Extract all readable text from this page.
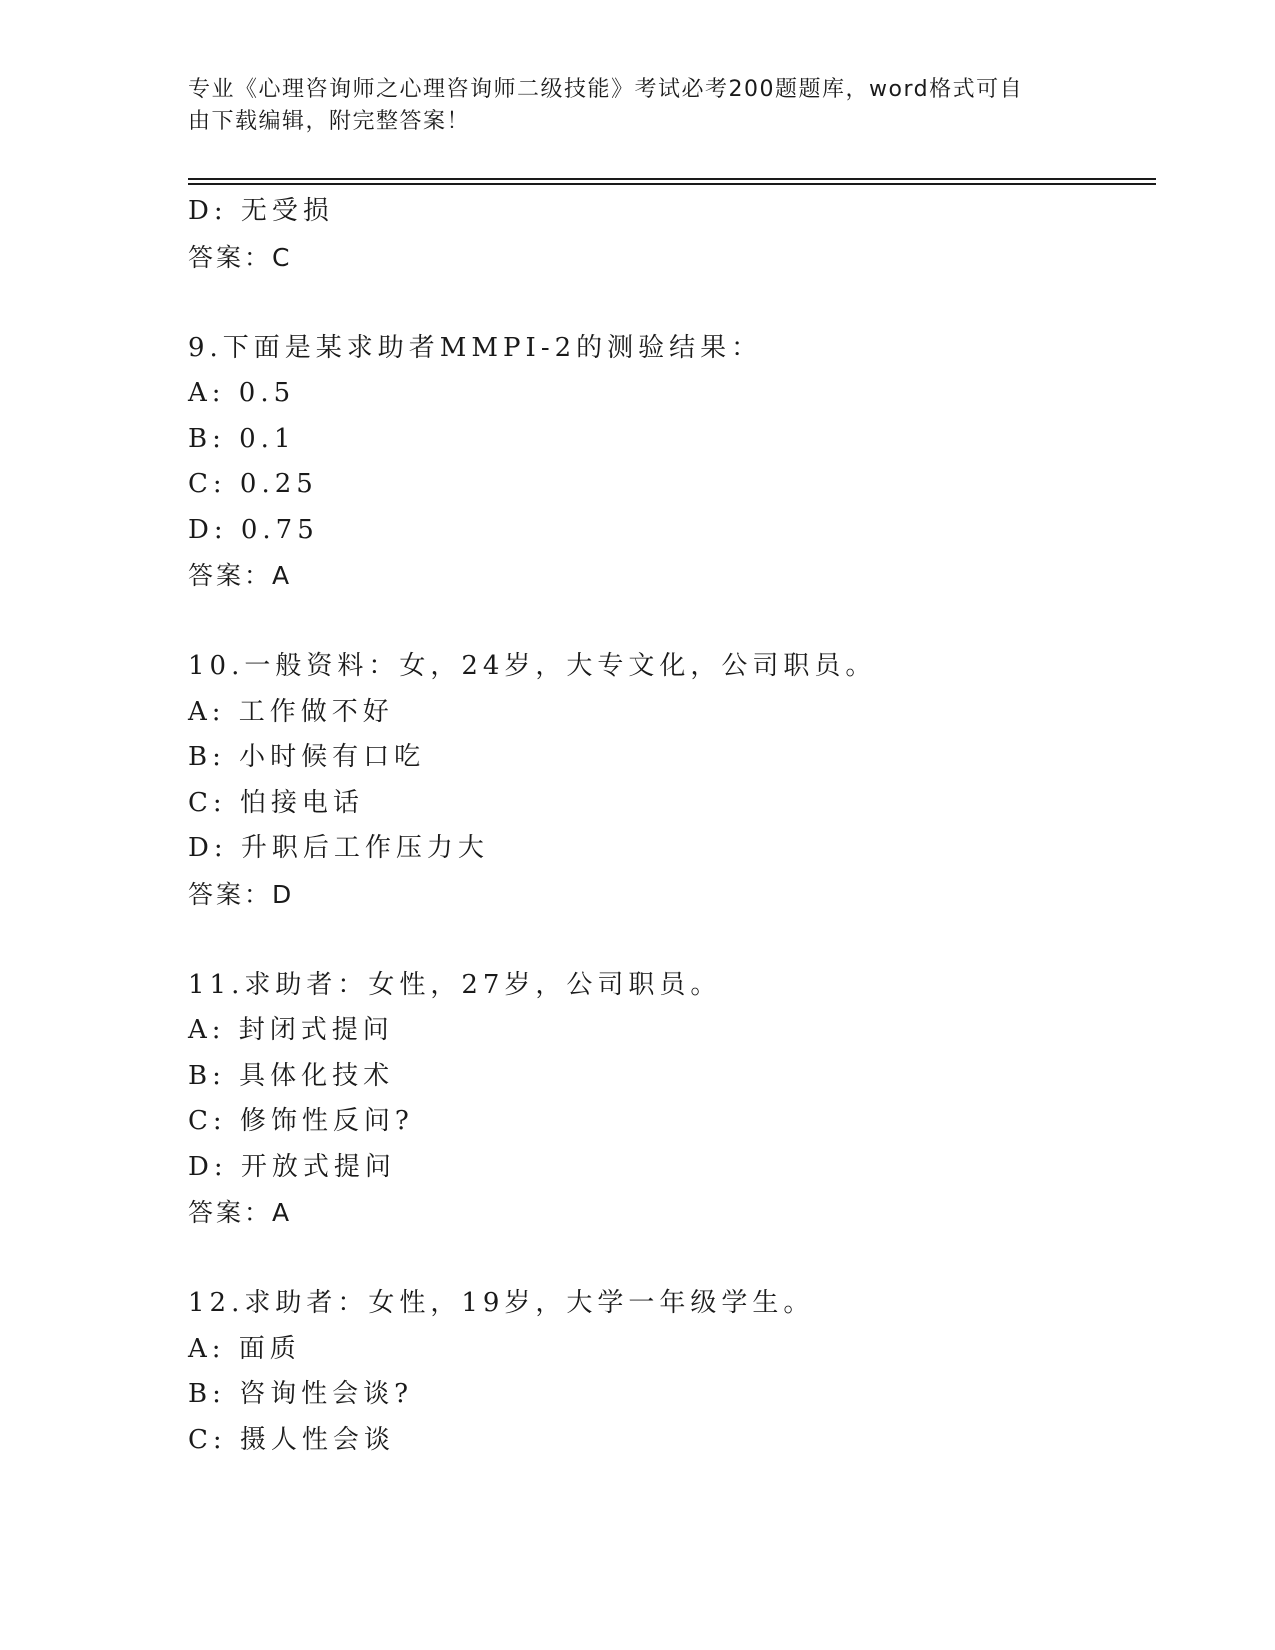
专业《心理咨询师之心理咨询师二级技能》考试必考200题题库，word格式可自
由下载编辑，附完整答案！
D: 无受损
答案：C
9.下面是某求助者MMPI-2的测验结果：
A: 0.5
B: 0.1
C: 0.25
D: 0.75
答案：A
10.一般资料：女，24岁，大专文化，公司职员。
A: 工作做不好
B: 小时候有口吃
C: 怕接电话
D: 升职后工作压力大
答案：D
11.求助者：女性，27岁，公司职员。
A: 封闭式提问
B: 具体化技术
C: 修饰性反问?
D: 开放式提问
答案：A
12.求助者：女性，19岁，大学一年级学生。
A: 面质
B: 咨询性会谈?
C: 摄人性会谈
